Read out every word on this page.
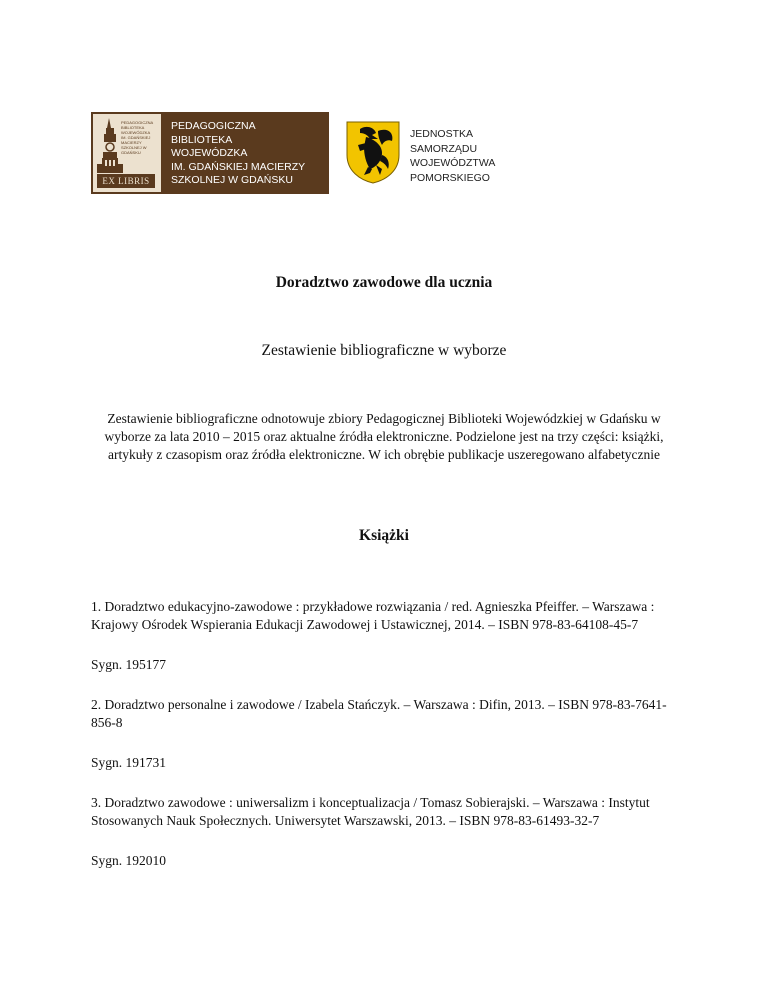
PEDAGOGICZNA
BIBLIOTEKA
WOJEWÓDZKA
IM. GDAŃSKIEJ MACIERZY
SZKOLNEJ W GDAŃSKU
EX LIBRIS
PEDAGOGICZNA
BIBLIOTEKA
WOJEWÓDZKA
IM. GDAŃSKIEJ MACIERZY
SZKOLNEJ W GDAŃSKU
JEDNOSTKA
SAMORZĄDU
WOJEWÓDZTWA
POMORSKIEGO
Doradztwo zawodowe dla ucznia
Zestawienie bibliograficzne w wyborze
Zestawienie bibliograficzne odnotowuje zbiory Pedagogicznej Biblioteki Wojewódzkiej w Gdańsku w wyborze za lata 2010 – 2015 oraz aktualne źródła elektroniczne. Podzielone jest na trzy części: książki, artykuły z czasopism oraz źródła elektroniczne. W ich obrębie publikacje uszeregowano alfabetycznie
Książki
1. Doradztwo edukacyjno-zawodowe : przykładowe rozwiązania / red. Agnieszka Pfeiffer. – Warszawa : Krajowy Ośrodek Wspierania Edukacji Zawodowej i Ustawicznej, 2014. – ISBN 978-83-64108-45-7
Sygn. 195177
2. Doradztwo personalne i zawodowe / Izabela Stańczyk. – Warszawa : Difin, 2013. – ISBN 978-83-7641-856-8
Sygn. 191731
3. Doradztwo zawodowe : uniwersalizm i konceptualizacja / Tomasz Sobierajski. – Warszawa : Instytut Stosowanych Nauk Społecznych. Uniwersytet Warszawski, 2013. – ISBN 978-83-61493-32-7
Sygn. 192010
